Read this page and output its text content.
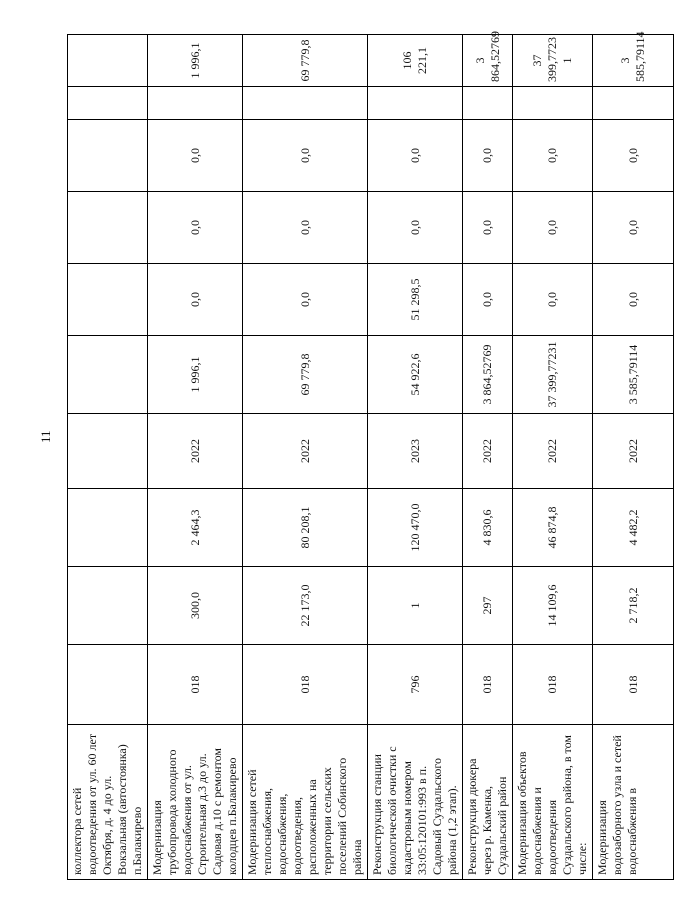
11
коллектора сетей водоотведения от ул. 60 лет Октября, д. 4 до ул. Вокзальная (автостоянка) п.Балакирево										
Модернизация трубопровода холодного водоснабжения от ул. Строительная д.3 до ул. Садовая д.10 с ремонтом колодцев п.Балакирево	018	300,0	2 464,3	2022	1 996,1	0,0	0,0	0,0		1 996,1
Модернизация сетей теплоснабжения, водоснабжения, водоотведения, расположенных на территории сельских поселений Собинского района	018	22 173,0	80 208,1	2022	69 779,8	0,0	0,0	0,0		69 779,8
Реконструкция станции биологической очистки с кадастровым номером 33:05:120101:993 в п. Садовый Суздальского района (1,2 этап).	796	1	120 470,0	2023	54 922,6	51 298,5	0,0	0,0		106 221,1
Реконструкция дюкера через р. Каменка, Суздальский район	018	297	4 830,6	2022	3 864,52769	0,0	0,0	0,0		3 864,52769
Модернизация объектов водоснабжения и водоотведения Суздальского района, в том числе:	018	14 109,6	46 874,8	2022	37 399,77231	0,0	0,0	0,0		37 399,7723 1
Модернизация водозаборного узла и сетей водоснабжения в	018	2 718,2	4 482,2	2022	3 585,79114	0,0	0,0	0,0		3 585,79114
